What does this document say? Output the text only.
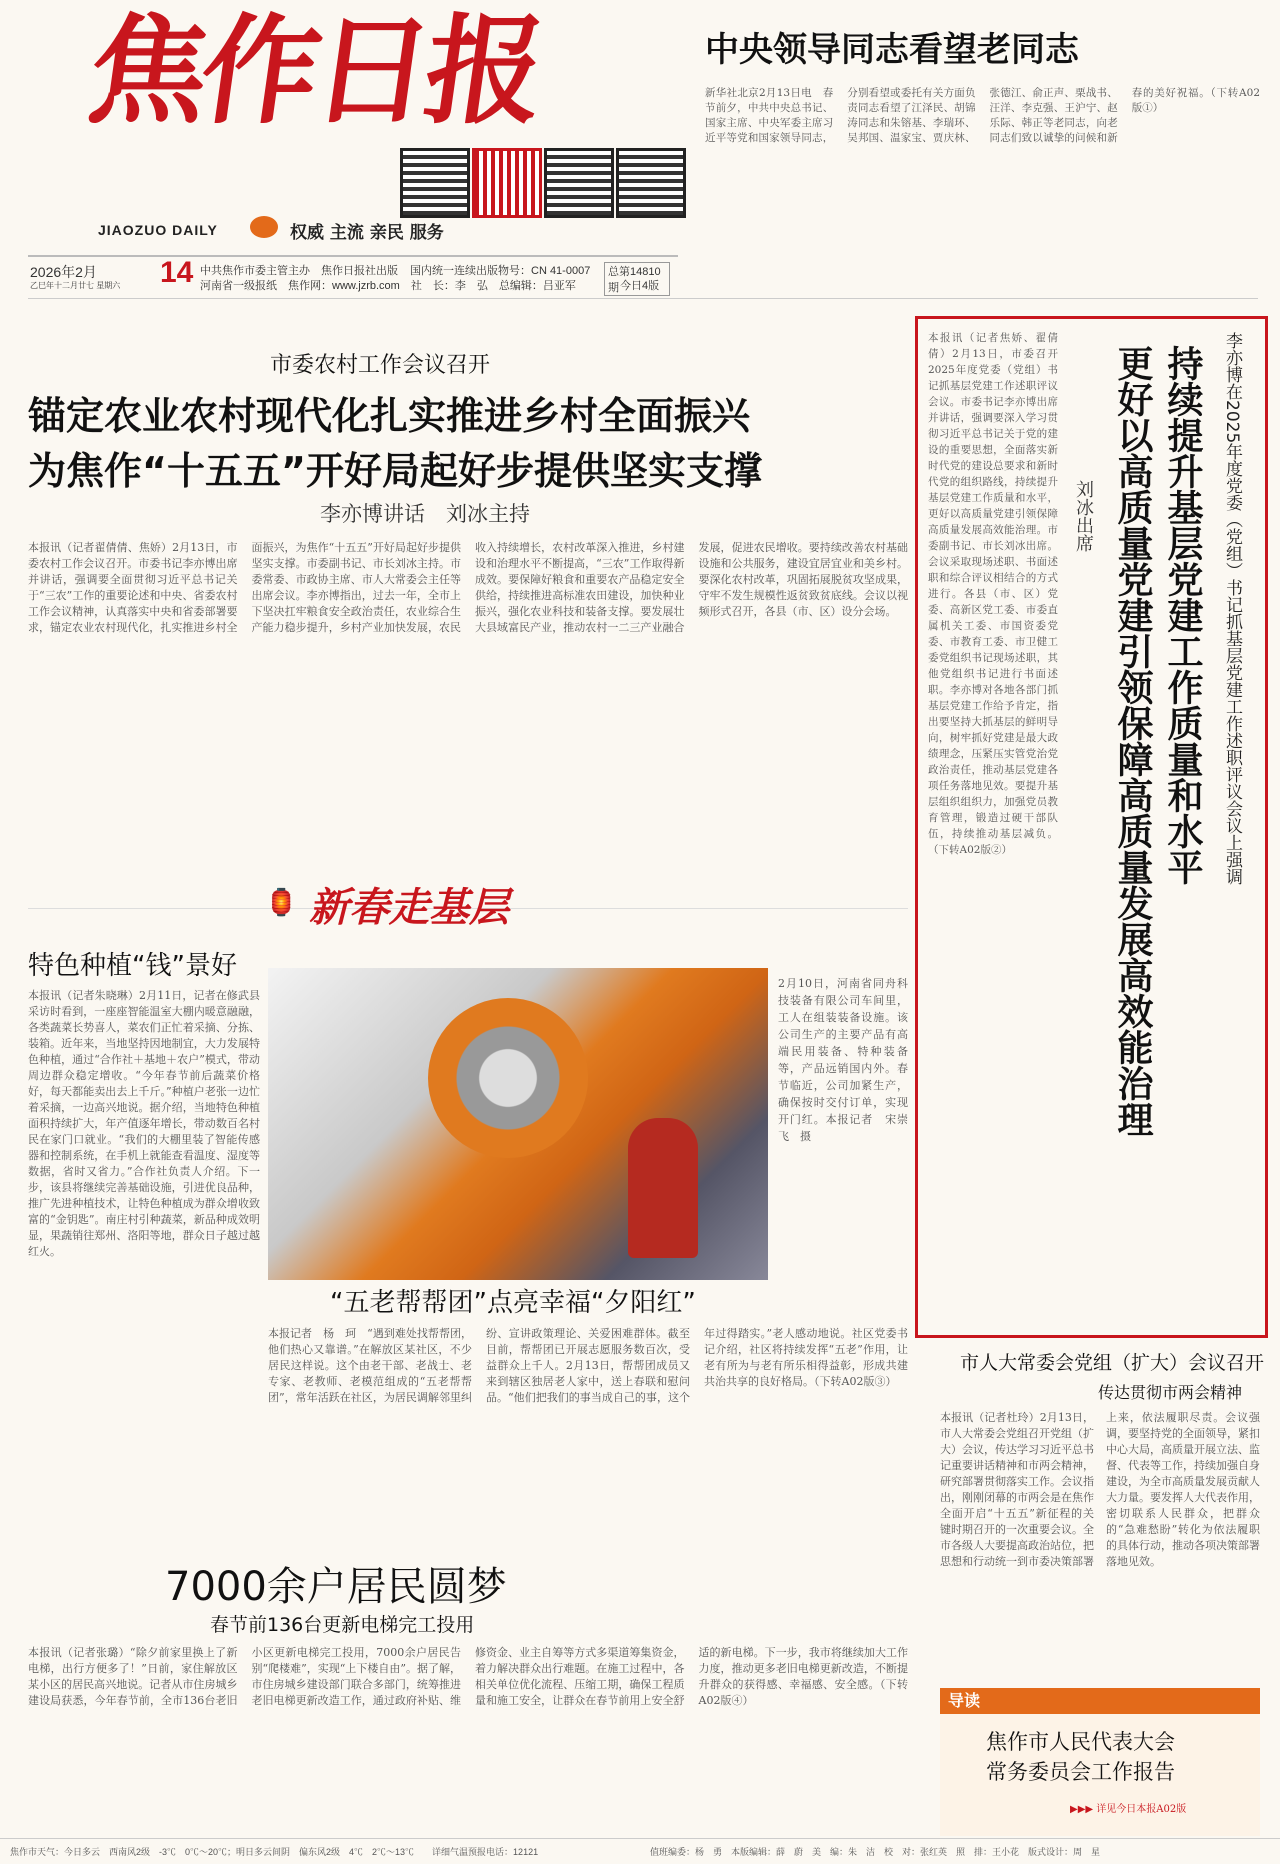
焦作日报
JIAOZUO DAILY	权威 主流 亲民 服务
2026年2月
乙巳年十二月廿七 星期六 14 中共焦作市委主管主办　焦作日报社出版 国内统一连续出版物号：CN 41-0007
河南省一级报纸　焦作网：www.jzrb.com　社　长：李　弘　总编辑：吕亚军
总第14810期 今日4版
中央领导同志看望老同志
新华社北京2月13日电　春节前夕，中共中央总书记、国家主席、中央军委主席习近平等党和国家领导同志，分别看望或委托有关方面负责同志看望了江泽民、胡锦涛同志和朱镕基、李瑞环、吴邦国、温家宝、贾庆林、张德江、俞正声、栗战书、汪洋、李克强、王沪宁、赵乐际、韩正等老同志，向老同志们致以诚挚的问候和新春的美好祝福。（下转A02版①）
市委农村工作会议召开
锚定农业农村现代化扎实推进乡村全面振兴
为焦作“十五五”开好局起好步提供坚实支撑
李亦博讲话　刘冰主持
本报讯（记者翟倩倩、焦娇）2月13日，市委农村工作会议召开。市委书记李亦博出席并讲话，强调要全面贯彻习近平总书记关于“三农”工作的重要论述和中央、省委农村工作会议精神，认真落实中央和省委部署要求，锚定农业农村现代化，扎实推进乡村全面振兴，为焦作“十五五”开好局起好步提供坚实支撑。市委副书记、市长刘冰主持。市委常委、市政协主席、市人大常委会主任等出席会议。李亦博指出，过去一年，全市上下坚决扛牢粮食安全政治责任，农业综合生产能力稳步提升，乡村产业加快发展，农民收入持续增长，农村改革深入推进，乡村建设和治理水平不断提高，“三农”工作取得新成效。要保障好粮食和重要农产品稳定安全供给，持续推进高标准农田建设，加快种业振兴，强化农业科技和装备支撑。要发展壮大县域富民产业，推动农村一二三产业融合发展，促进农民增收。要持续改善农村基础设施和公共服务，建设宜居宜业和美乡村。要深化农村改革，巩固拓展脱贫攻坚成果，守牢不发生规模性返贫致贫底线。会议以视频形式召开，各县（市、区）设分会场。
本报讯（记者焦娇、翟倩倩）2月13日，市委召开2025年度党委（党组）书记抓基层党建工作述职评议会议。市委书记李亦博出席并讲话，强调要深入学习贯彻习近平总书记关于党的建设的重要思想，全面落实新时代党的建设总要求和新时代党的组织路线，持续提升基层党建工作质量和水平，更好以高质量党建引领保障高质量发展高效能治理。市委副书记、市长刘冰出席。会议采取现场述职、书面述职和综合评议相结合的方式进行。各县（市、区）党委、高新区党工委、市委直属机关工委、市国资委党委、市教育工委、市卫健工委党组织书记现场述职，其他党组织书记进行书面述职。李亦博对各地各部门抓基层党建工作给予肯定，指出要坚持大抓基层的鲜明导向，树牢抓好党建是最大政绩理念，压紧压实管党治党政治责任，推动基层党建各项任务落地见效。要提升基层组织组织力，加强党员教育管理，锻造过硬干部队伍，持续推动基层减负。（下转A02版②）	持续提升基层党建工作质量和水平
更好以高质量党建引领保障高质量发展高效能治理	李亦博在2025年度党委（党组）书记抓基层党建工作述职评议会议上强调
刘冰出席
🏮 新春走基层
特色种植“钱”景好
本报讯（记者朱晓琳）2月11日，记者在修武县采访时看到，一座座智能温室大棚内暖意融融，各类蔬菜长势喜人，菜农们正忙着采摘、分拣、装箱。近年来，当地坚持因地制宜，大力发展特色种植，通过“合作社＋基地＋农户”模式，带动周边群众稳定增收。“今年春节前后蔬菜价格好，每天都能卖出去上千斤。”种植户老张一边忙着采摘，一边高兴地说。据介绍，当地特色种植面积持续扩大，年产值逐年增长，带动数百名村民在家门口就业。“我们的大棚里装了智能传感器和控制系统，在手机上就能查看温度、湿度等数据，省时又省力。”合作社负责人介绍。下一步，该县将继续完善基础设施，引进优良品种，推广先进种植技术，让特色种植成为群众增收致富的“金钥匙”。南庄村引种蔬菜，新品种成效明显，果蔬销往郑州、洛阳等地，群众日子越过越红火。
2月10日，河南省同舟科技装备有限公司车间里，工人在组装装备设施。该公司生产的主要产品有高端民用装备、特种装备等，产品远销国内外。春节临近，公司加紧生产，确保按时交付订单，实现开门红。本报记者　宋崇飞　摄
“五老帮帮团”点亮幸福“夕阳红”
本报记者　杨　珂　“遇到难处找帮帮团，他们热心又靠谱。”在解放区某社区，不少居民这样说。这个由老干部、老战士、老专家、老教师、老模范组成的“五老帮帮团”，常年活跃在社区，为居民调解邻里纠纷、宣讲政策理论、关爱困难群体。截至目前，帮帮团已开展志愿服务数百次，受益群众上千人。2月13日，帮帮团成员又来到辖区独居老人家中，送上春联和慰问品。“他们把我们的事当成自己的事，这个年过得踏实。”老人感动地说。社区党委书记介绍，社区将持续发挥“五老”作用，让老有所为与老有所乐相得益彰，形成共建共治共享的良好格局。（下转A02版③）
市人大常委会党组（扩大）会议召开
传达贯彻市两会精神
本报讯（记者杜玲）2月13日，市人大常委会党组召开党组（扩大）会议，传达学习习近平总书记重要讲话精神和市两会精神，研究部署贯彻落实工作。会议指出，刚刚闭幕的市两会是在焦作全面开启“十五五”新征程的关键时期召开的一次重要会议。全市各级人大要提高政治站位，把思想和行动统一到市委决策部署上来，依法履职尽责。会议强调，要坚持党的全面领导，紧扣中心大局，高质量开展立法、监督、代表等工作，持续加强自身建设，为全市高质量发展贡献人大力量。要发挥人大代表作用，密切联系人民群众，把群众的“急难愁盼”转化为依法履职的具体行动，推动各项决策部署落地见效。
7000余户居民圆梦
春节前136台更新电梯完工投用
本报讯（记者张璐）“除夕前家里换上了新电梯，出行方便多了！”日前，家住解放区某小区的居民高兴地说。记者从市住房城乡建设局获悉，今年春节前，全市136台老旧小区更新电梯完工投用，7000余户居民告别“爬楼难”，实现“上下楼自由”。据了解，市住房城乡建设部门联合多部门，统筹推进老旧电梯更新改造工作，通过政府补贴、维修资金、业主自筹等方式多渠道筹集资金，着力解决群众出行难题。在施工过程中，各相关单位优化流程、压缩工期，确保工程质量和施工安全，让群众在春节前用上安全舒适的新电梯。下一步，我市将继续加大工作力度，推动更多老旧电梯更新改造，不断提升群众的获得感、幸福感、安全感。（下转A02版④）	导读
焦作市人民代表大会
常务委员会工作报告
▶▶▶ 详见今日本报A02版
焦作市天气：今日多云　西南风2级　-3℃　0℃～20℃；明日多云间阴　偏东风2级　4℃　2℃～13℃　　详细气温预报电话：12121	值班编委：杨　勇　本版编辑：薛　蔚　美　编：朱　洁　校　对：张红英　照　排：王小花　版式设计：周　星
